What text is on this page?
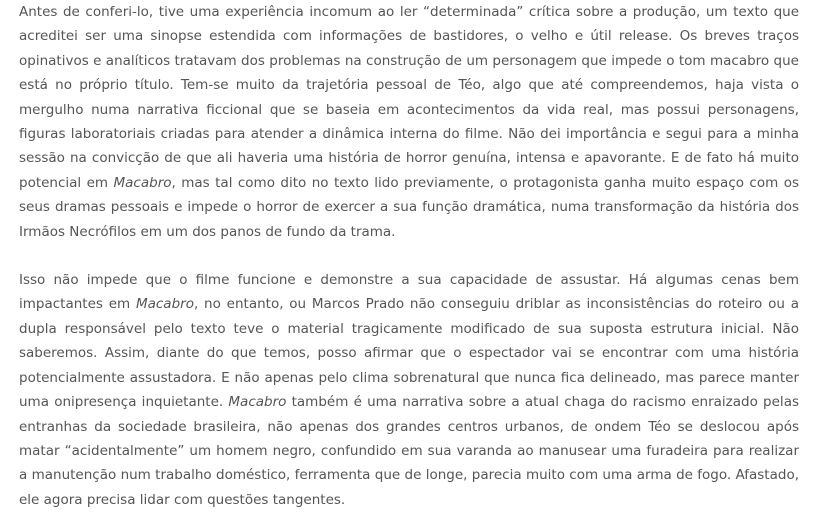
Antes de conferi-lo, tive uma experiência incomum ao ler “determinada” crítica sobre a produção, um texto que acreditei ser uma sinopse estendida com informações de bastidores, o velho e útil release. Os breves traços opinativos e analíticos tratavam dos problemas na construção de um personagem que impede o tom macabro que está no próprio título. Tem-se muito da trajetória pessoal de Téo, algo que até compreendemos, haja vista o mergulho numa narrativa ficcional que se baseia em acontecimentos da vida real, mas possui personagens, figuras laboratoriais criadas para atender a dinâmica interna do filme. Não dei importância e segui para a minha sessão na convicção de que ali haveria uma história de horror genuína, intensa e apavorante. E de fato há muito potencial em Macabro, mas tal como dito no texto lido previamente, o protagonista ganha muito espaço com os seus dramas pessoais e impede o horror de exercer a sua função dramática, numa transformação da história dos Irmãos Necrófilos em um dos panos de fundo da trama.

Isso não impede que o filme funcione e demonstre a sua capacidade de assustar. Há algumas cenas bem impactantes em Macabro, no entanto, ou Marcos Prado não conseguiu driblar as inconsistências do roteiro ou a dupla responsável pelo texto teve o material tragicamente modificado de sua suposta estrutura inicial. Não saberemos. Assim, diante do que temos, posso afirmar que o espectador vai se encontrar com uma história potencialmente assustadora. E não apenas pelo clima sobrenatural que nunca fica delineado, mas parece manter uma onipresença inquietante. Macabro também é uma narrativa sobre a atual chaga do racismo enraizado pelas entranhas da sociedade brasileira, não apenas dos grandes centros urbanos, de ondem Téo se deslocou após matar “acidentalmente” um homem negro, confundido em sua varanda ao manusear uma furadeira para realizar a manutenção num trabalho doméstico, ferramenta que de longe, parecia muito com uma arma de fogo. Afastado, ele agora precisa lidar com questões tangentes.
